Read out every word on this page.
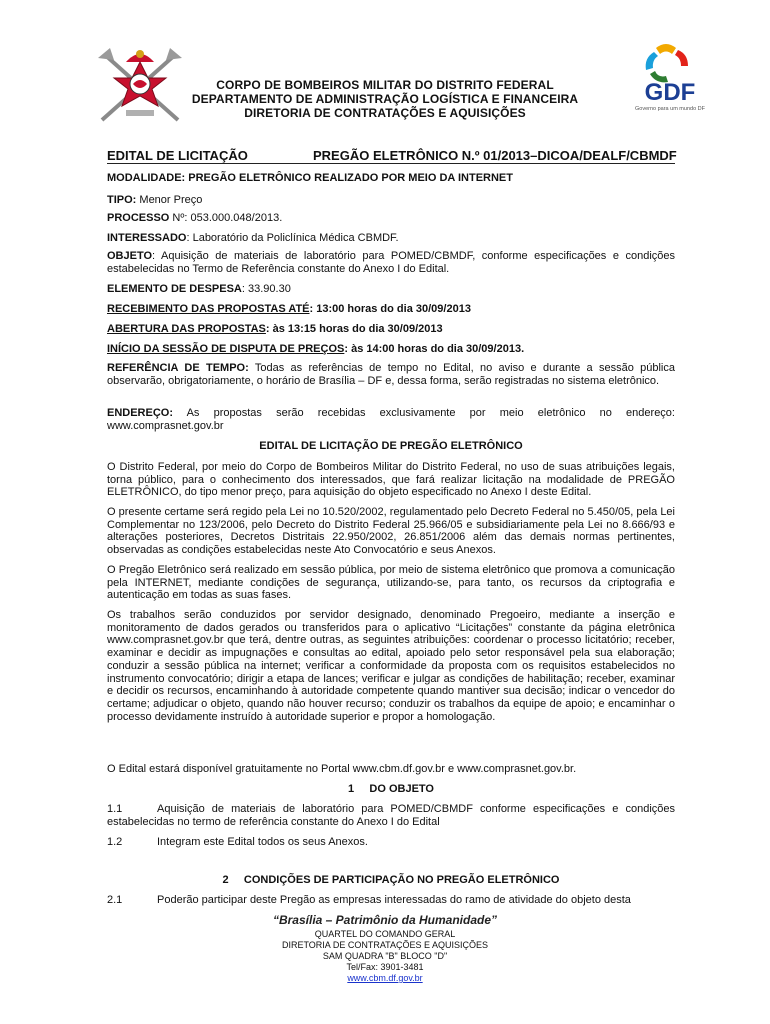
GDF
Governo para um mundo DF
CORPO DE BOMBEIROS MILITAR DO DISTRITO FEDERAL
DEPARTAMENTO DE ADMINISTRAÇÃO LOGÍSTICA E FINANCEIRA
DIRETORIA DE CONTRATAÇÕES E AQUISIÇÕES
EDITAL DE LICITAÇÃO	PREGÃO ELETRÔNICO N.º 01/2013–DICOA/DEALF/CBMDF
MODALIDADE: PREGÃO ELETRÔNICO REALIZADO POR MEIO DA INTERNET
TIPO: Menor Preço
PROCESSO Nº: 053.000.048/2013.
INTERESSADO: Laboratório da Policlínica Médica CBMDF.
OBJETO: Aquisição de materiais de laboratório para POMED/CBMDF, conforme especificações e condições estabelecidas no Termo de Referência constante do Anexo I do Edital.
ELEMENTO DE DESPESA: 33.90.30
RECEBIMENTO DAS PROPOSTAS ATÉ: 13:00 horas do dia 30/09/2013
ABERTURA DAS PROPOSTAS: às 13:15 horas do dia 30/09/2013
INÍCIO DA SESSÃO DE DISPUTA DE PREÇOS: às 14:00 horas do dia 30/09/2013.
REFERÊNCIA DE TEMPO: Todas as referências de tempo no Edital, no aviso e durante a sessão pública observarão, obrigatoriamente, o horário de Brasília – DF e, dessa forma, serão registradas no sistema eletrônico.
ENDEREÇO: As propostas serão recebidas exclusivamente por meio eletrônico no endereço: www.comprasnet.gov.br
EDITAL DE LICITAÇÃO DE PREGÃO ELETRÔNICO
O Distrito Federal, por meio do Corpo de Bombeiros Militar do Distrito Federal, no uso de suas atribuições legais, torna público, para o conhecimento dos interessados, que fará realizar licitação na modalidade de PREGÃO ELETRÔNICO, do tipo menor preço, para aquisição do objeto especificado no Anexo I deste Edital.
O presente certame será regido pela Lei no 10.520/2002, regulamentado pelo Decreto Federal no 5.450/05, pela Lei Complementar no 123/2006, pelo Decreto do Distrito Federal 25.966/05 e subsidiariamente pela Lei no 8.666/93 e alterações posteriores, Decretos Distritais 22.950/2002, 26.851/2006 além das demais normas pertinentes, observadas as condições estabelecidas neste Ato Convocatório e seus Anexos.
O Pregão Eletrônico será realizado em sessão pública, por meio de sistema eletrônico que promova a comunicação pela INTERNET, mediante condições de segurança, utilizando-se, para tanto, os recursos da criptografia e autenticação em todas as suas fases.
Os trabalhos serão conduzidos por servidor designado, denominado Pregoeiro, mediante a inserção e monitoramento de dados gerados ou transferidos para o aplicativo “Licitações” constante da página eletrônica www.comprasnet.gov.br que terá, dentre outras, as seguintes atribuições: coordenar o processo licitatório; receber, examinar e decidir as impugnações e consultas ao edital, apoiado pelo setor responsável pela sua elaboração; conduzir a sessão pública na internet; verificar a conformidade da proposta com os requisitos estabelecidos no instrumento convocatório; dirigir a etapa de lances; verificar e julgar as condições de habilitação; receber, examinar e decidir os recursos, encaminhando à autoridade competente quando mantiver sua decisão; indicar o vencedor do certame; adjudicar o objeto, quando não houver recurso; conduzir os trabalhos da equipe de apoio; e encaminhar o processo devidamente instruído à autoridade superior e propor a homologação.
O Edital estará disponível gratuitamente no Portal www.cbm.df.gov.br e www.comprasnet.gov.br.
1     DO OBJETO
1.1	Aquisição de materiais de laboratório para POMED/CBMDF conforme especificações e condições estabelecidas no termo de referência constante do Anexo I do Edital
1.2	Integram este Edital todos os seus Anexos.
2     CONDIÇÕES DE PARTICIPAÇÃO NO PREGÃO ELETRÔNICO
2.1	Poderão participar deste Pregão as empresas interessadas do ramo de atividade do objeto desta
“Brasília – Patrimônio da Humanidade”
QUARTEL DO COMANDO GERAL
DIRETORIA DE CONTRATAÇÕES E AQUISIÇÕES
SAM QUADRA "B" BLOCO "D"
Tel/Fax: 3901-3481
www.cbm.df.gov.br
